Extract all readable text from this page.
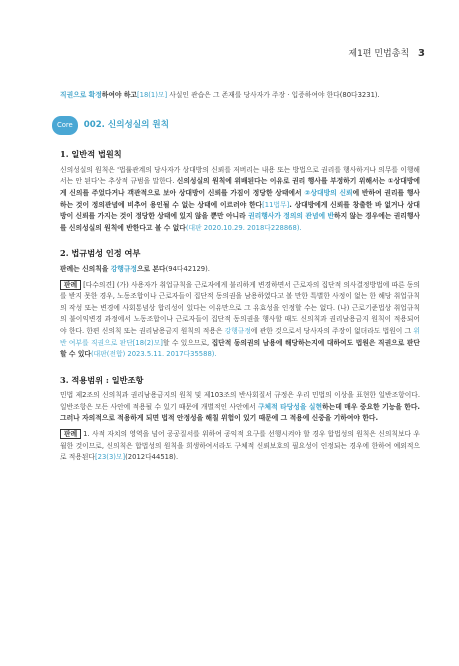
제1편 민법총칙 3

직권으로 확정하여야 하고[18(1)모] 사실인 관습은 그 존재를 당사자가 주장 · 입증하여야 한다(80다3231).

Core	002. 신의성실의 원칙
1. 일반적 법원칙

신의성실의 원칙은 '법률관계의 당사자가 상대방의 신뢰를 저버리는 내용 또는 방법으로 권리를 행사하거나 의무를 이행해서는 안 된다'는 추상적 규범을 말한다. 신의성실의 원칙에 위배된다는 이유로 권리 행사를 부정하기 위해서는 ①상대방에게 신의를 주었다거나 객관적으로 보아 상대방이 신뢰를 가짐이 정당한 상태에서 ②상대방의 신뢰에 반하여 권리를 행사하는 것이 정의관념에 비추어 용인될 수 없는 상태에 이르러야 한다[11법무]. 상대방에게 신뢰를 창출한 바 없거나 상대방이 신뢰를 가지는 것이 정당한 상태에 있지 않을 뿐만 아니라 권리행사가 정의의 관념에 반하지 않는 경우에는 권리행사를 신의성실의 원칙에 반한다고 볼 수 없다(대판 2020.10.29. 2018다228868).

2. 법규범성 인정 여부

판례는 신의칙을 강행규정으로 본다(94다42129).

판례 [다수의견] (가) 사용자가 취업규칙을 근로자에게 불리하게 변경하면서 근로자의 집단적 의사결정방법에 따른 동의를 받지 못한 경우, 노동조합이나 근로자들이 집단적 동의권을 남용하였다고 볼 만한 특별한 사정이 없는 한 해당 취업규칙의 작성 또는 변경에 사회통념상 합리성이 있다는 이유만으로 그 유효성을 인정할 수는 없다. (나) 근로기준법상 취업규칙의 불이익변경 과정에서 노동조합이나 근로자들이 집단적 동의권을 행사할 때도 신의칙과 권리남용금지 원칙이 적용되어야 한다. 한편 신의칙 또는 권리남용금지 원칙의 적용은 강행규정에 관한 것으로서 당사자의 주장이 없더라도 법원이 그 위반 여부를 직권으로 판단[18(2)모]할 수 있으므로, 집단적 동의권의 남용에 해당하는지에 대하여도 법원은 직권으로 판단할 수 있다(대판(전합) 2023.5.11. 2017다35588).

3. 적용범위 : 일반조항

민법 제2조의 신의칙과 권리남용금지의 원칙 및 제103조의 반사회질서 규정은 우리 민법의 이상을 표현한 일반조항이다. 일반조항은 모든 사안에 적용될 수 있기 때문에 개별적인 사안에서 구체적 타당성을 실현하는데 매우 중요한 기능을 한다. 그러나 자의적으로 적용하게 되면 법적 안정성을 해칠 위험이 있기 때문에 그 적용에 신중을 기하여야 한다.

판례 1. 사적 자치의 영역을 넘어 공공질서를 위하여 공익적 요구를 선행시켜야 할 경우 합법성의 원칙은 신의칙보다 우월한 것이므로, 신의칙은 합법성의 원칙을 희생하여서라도 구체적 신뢰보호의 필요성이 인정되는 경우에 한하여 예외적으로 적용된다[23(3)모](2012다44518).
